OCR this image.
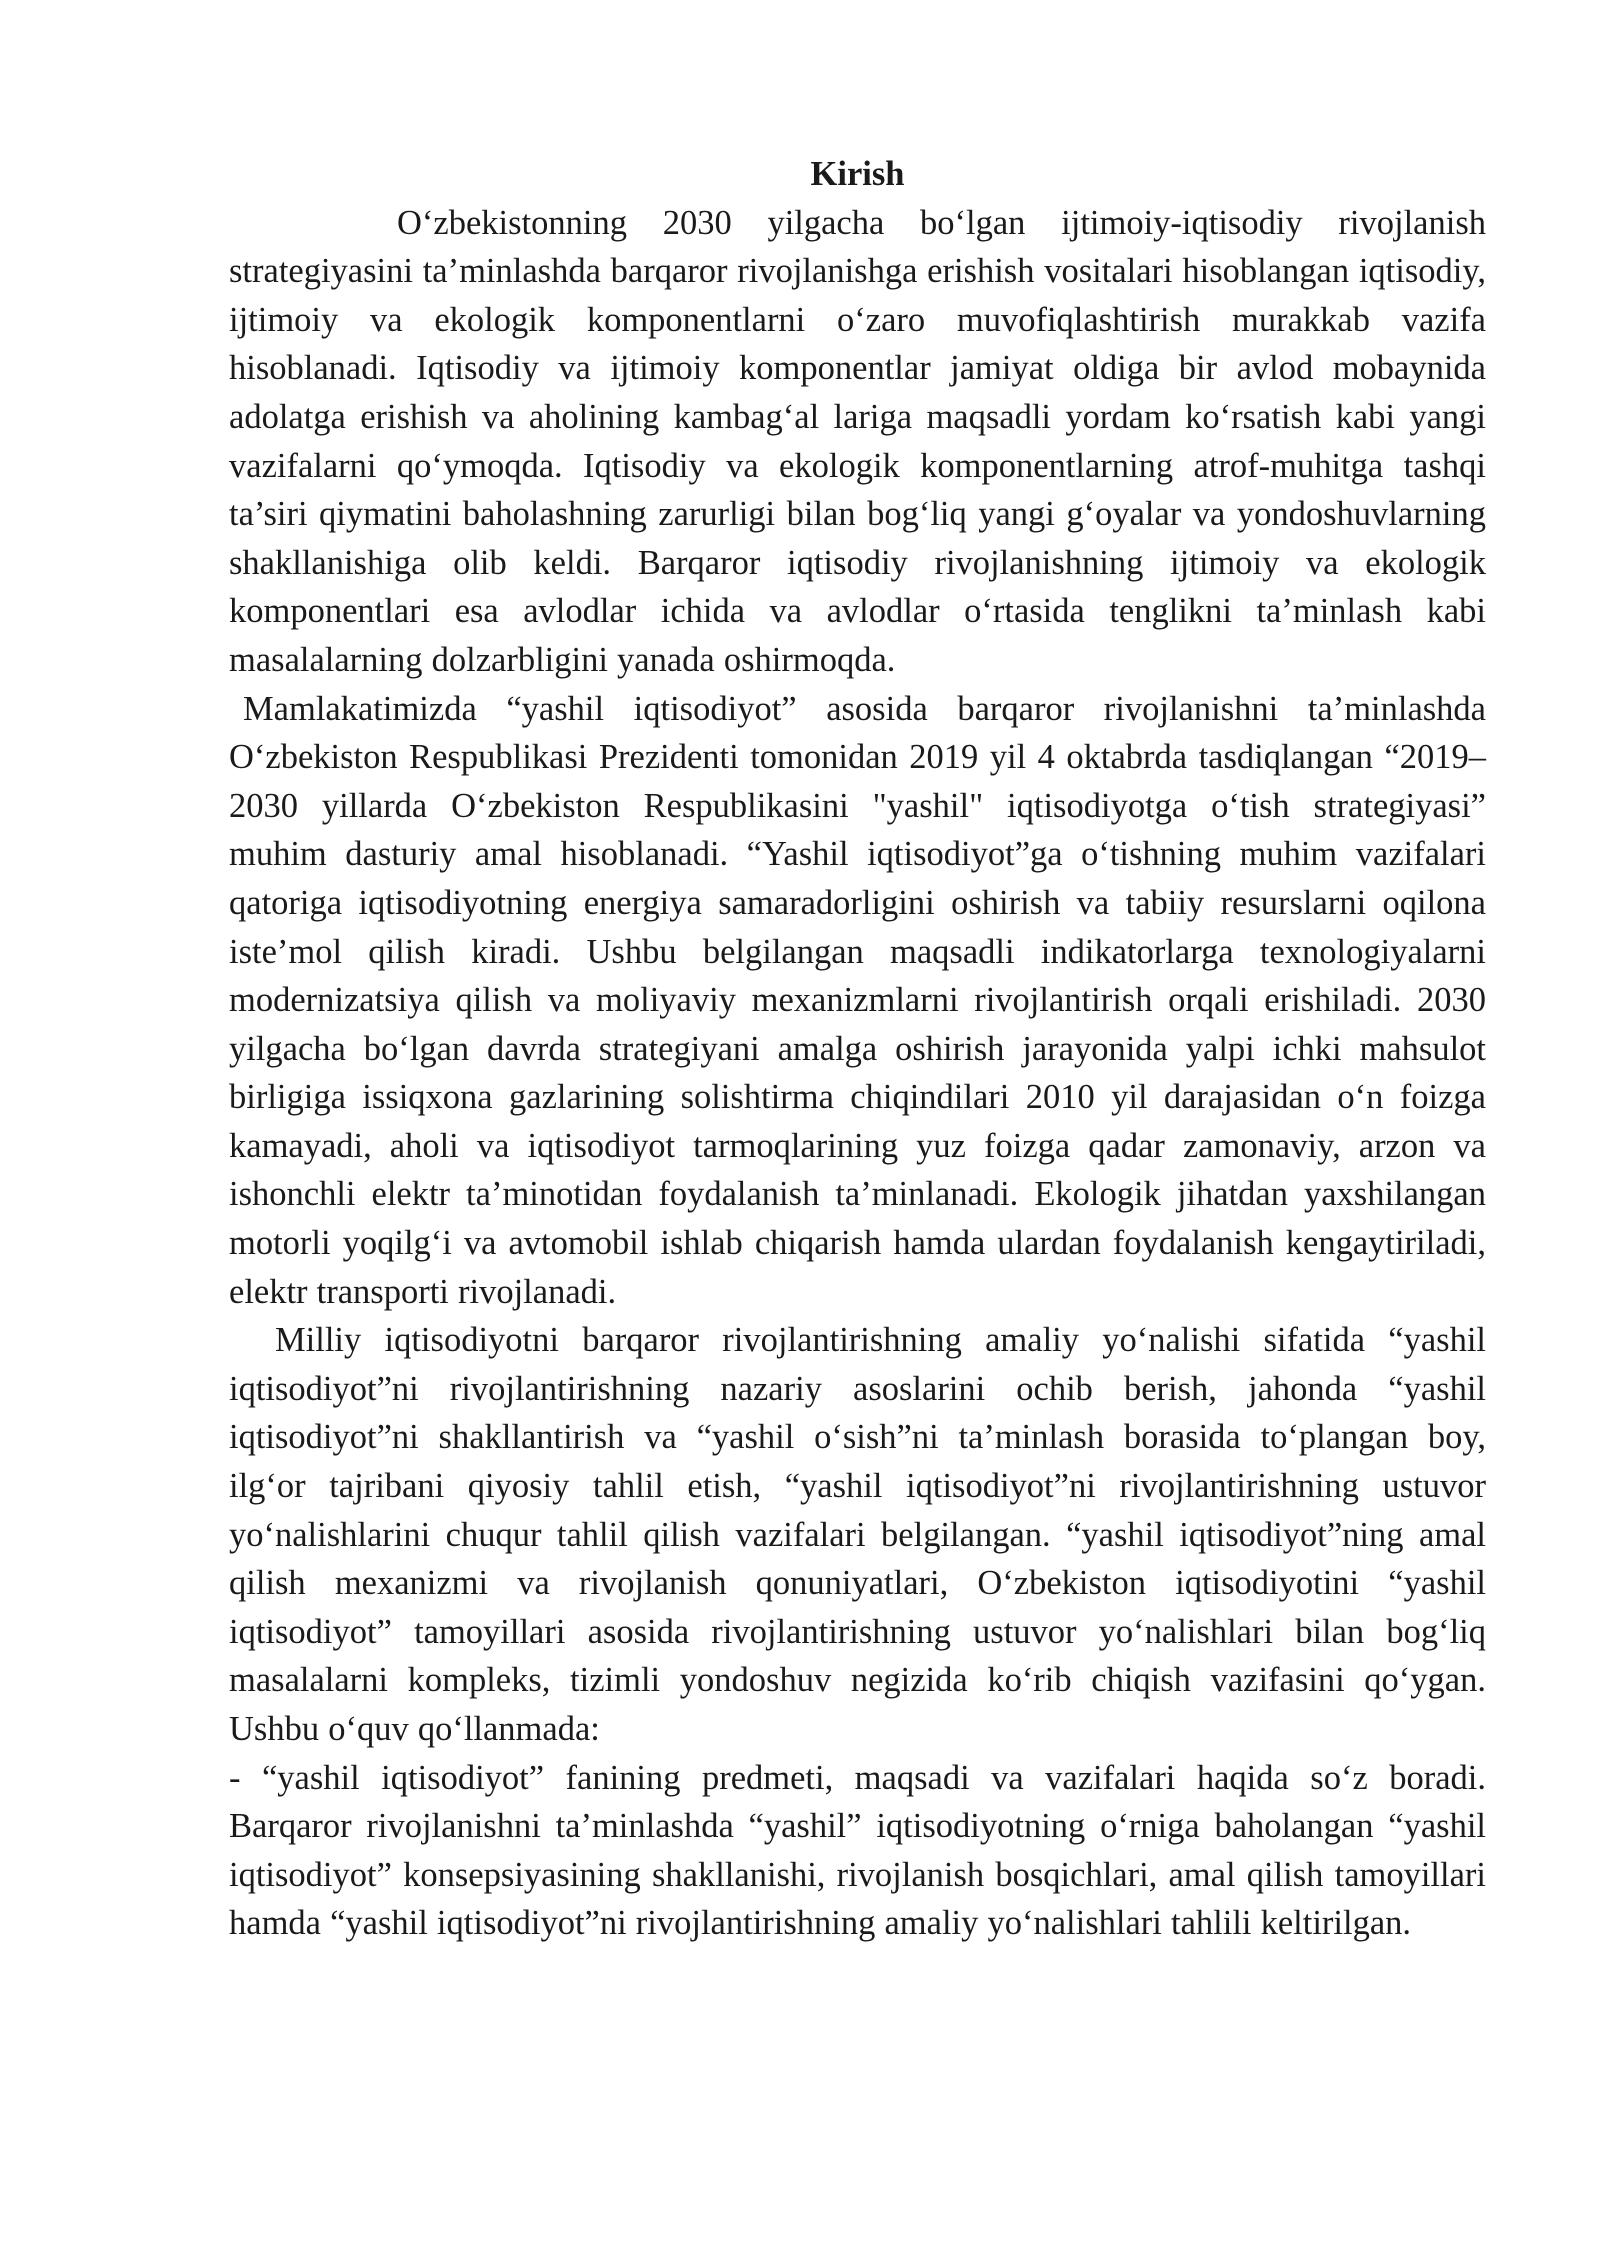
Kirish

O‘zbekistonning 2030 yilgacha bo‘lgan ijtimoiy-iqtisodiy rivojlanish strategiyasini ta’minlashda barqaror rivojlanishga erishish vositalari hisoblangan iqtisodiy, ijtimoiy va ekologik komponentlarni o‘zaro muvofiqlashtirish murakkab vazifa hisoblanadi. Iqtisodiy va ijtimoiy komponentlar jamiyat oldiga bir avlod mobaynida adolatga erishish va aholining kambag‘al lariga maqsadli yordam ko‘rsatish kabi yangi vazifalarni qo‘ymoqda. Iqtisodiy va ekologik komponentlarning atrof-muhitga tashqi ta’siri qiymatini baholashning zarurligi bilan bog‘liq yangi g‘oyalar va yondoshuvlarning shakllanishiga olib keldi. Barqaror iqtisodiy rivojlanishning ijtimoiy va ekologik komponentlari esa avlodlar ichida va avlodlar o‘rtasida tenglikni ta’minlash kabi masalalarning dolzarbligini yanada oshirmoqda.

Mamlakatimizda “yashil iqtisodiyot” asosida barqaror rivojlanishni ta’minlashda O‘zbekiston Respublikasi Prezidenti tomonidan 2019 yil 4 oktabrda tasdiqlangan “2019–2030 yillarda O‘zbekiston Respublikasini "yashil" iqtisodiyotga o‘tish strategiyasi” muhim dasturiy amal hisoblanadi. “Yashil iqtisodiyot”ga o‘tishning muhim vazifalari qatoriga iqtisodiyotning energiya samaradorligini oshirish va tabiiy resurslarni oqilona iste’mol qilish kiradi. Ushbu belgilangan maqsadli indikatorlarga texnologiyalarni modernizatsiya qilish va moliyaviy mexanizmlarni rivojlantirish orqali erishiladi. 2030 yilgacha bo‘lgan davrda strategiyani amalga oshirish jarayonida yalpi ichki mahsulot birligiga issiqxona gazlarining solishtirma chiqindilari 2010 yil darajasidan o‘n foizga kamayadi, aholi va iqtisodiyot tarmoqlarining yuz foizga qadar zamonaviy, arzon va ishonchli elektr ta’minotidan foydalanish ta’minlanadi. Ekologik jihatdan yaxshilangan motorli yoqilg‘i va avtomobil ishlab chiqarish hamda ulardan foydalanish kengaytiriladi, elektr transporti rivojlanadi.

Milliy iqtisodiyotni barqaror rivojlantirishning amaliy yo‘nalishi sifatida “yashil iqtisodiyot”ni rivojlantirishning nazariy asoslarini ochib berish, jahonda “yashil iqtisodiyot”ni shakllantirish va “yashil o‘sish”ni ta’minlash borasida to‘plangan boy, ilg‘or tajribani qiyosiy tahlil etish, “yashil iqtisodiyot”ni rivojlantirishning ustuvor yo‘nalishlarini chuqur tahlil qilish vazifalari belgilangan. “yashil iqtisodiyot”ning amal qilish mexanizmi va rivojlanish qonuniyatlari, O‘zbekiston iqtisodiyotini “yashil iqtisodiyot” tamoyillari asosida rivojlantirishning ustuvor yo‘nalishlari bilan bog‘liq masalalarni kompleks, tizimli yondoshuv negizida ko‘rib chiqish vazifasini qo‘ygan. Ushbu o‘quv qo‘llanmada:

- “yashil iqtisodiyot” fanining predmeti, maqsadi va vazifalari haqida so‘z boradi. Barqaror rivojlanishni ta’minlashda “yashil” iqtisodiyotning o‘rniga baholangan “yashil iqtisodiyot” konsepsiyasining shakllanishi, rivojlanish bosqichlari, amal qilish tamoyillari hamda “yashil iqtisodiyot”ni rivojlantirishning amaliy yo‘nalishlari tahlili keltirilgan.
